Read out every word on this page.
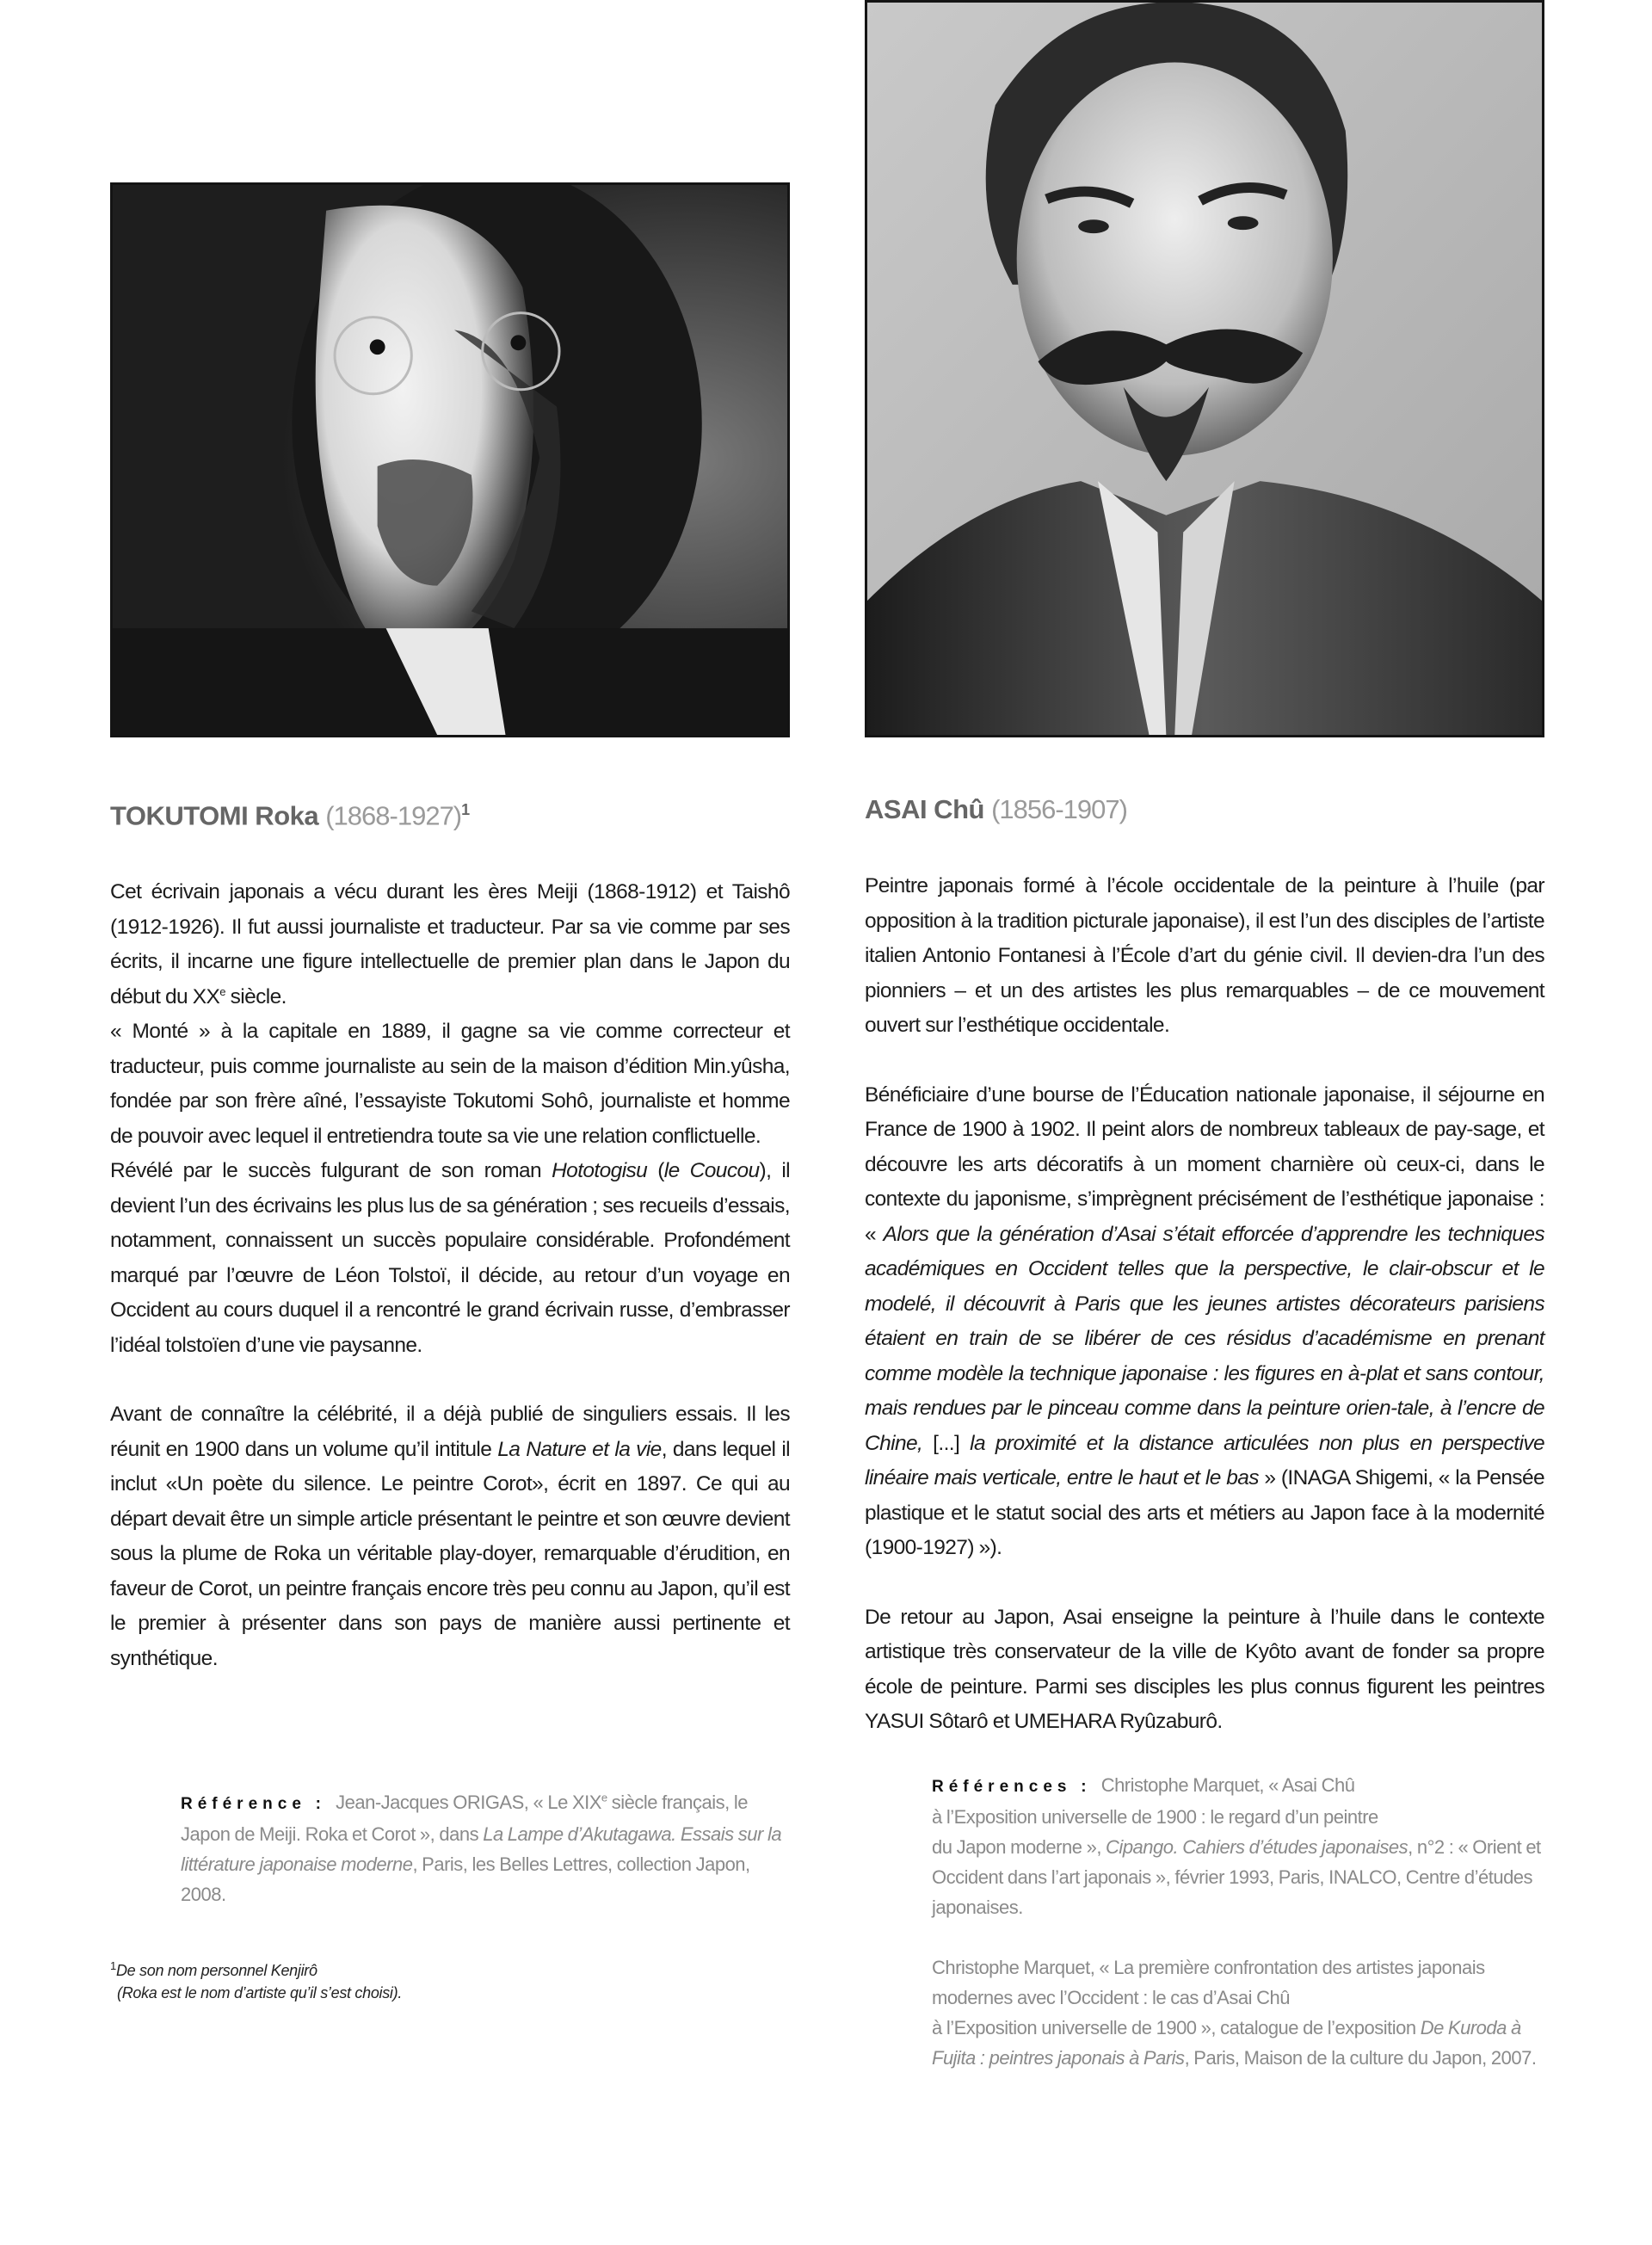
TOKUTOMI Roka (1868-1927)$^1$

Cet écrivain japonais a vécu durant les ères Meiji (1868-1912) et Taishô (1912-1926). Il fut aussi journaliste et traducteur. Par sa vie comme par ses écrits, il incarne une figure intellectuelle de premier plan dans le Japon du début du XXe siècle.

« Monté » à la capitale en 1889, il gagne sa vie comme correcteur et traducteur, puis comme journaliste au sein de la maison d’édition Min.yûsha, fondée par son frère aîné, l’essayiste Tokutomi Sohô, journaliste et homme de pouvoir avec lequel il entretiendra toute sa vie une relation conflictuelle.

Révélé par le succès fulgurant de son roman Hototogisu (le Coucou), il devient l’un des écrivains les plus lus de sa génération ; ses recueils d’essais, notamment, connaissent un succès populaire considérable. Profondément marqué par l’œuvre de Léon Tolstoï, il décide, au retour d’un voyage en Occident au cours duquel il a rencontré le grand écrivain russe, d’embrasser l’idéal tolstoïen d’une vie paysanne.

Avant de connaître la célébrité, il a déjà publié de singuliers essais. Il les réunit en 1900 dans un volume qu’il intitule La Nature et la vie, dans lequel il inclut «Un poète du silence. Le peintre Corot», écrit en 1897. Ce qui au départ devait être un simple article présentant le peintre et son œuvre devient sous la plume de Roka un véritable play-doyer, remarquable d’érudition, en faveur de Corot, un peintre français encore très peu connu au Japon, qu’il est le premier à présenter dans son pays de manière aussi pertinente et synthétique.

ASAI Chû (1856-1907)

Peintre japonais formé à l’école occidentale de la peinture à l’huile (par opposition à la tradition picturale japonaise), il est l’un des disciples de l’artiste italien Antonio Fontanesi à l’École d’art du génie civil. Il devien-dra l’un des pionniers – et un des artistes les plus remarquables – de ce mouvement ouvert sur l’esthétique occidentale.

Bénéficiaire d’une bourse de l’Éducation nationale japonaise, il séjourne en France de 1900 à 1902. Il peint alors de nombreux tableaux de pay-sage, et découvre les arts décoratifs à un moment charnière où ceux-ci, dans le contexte du japonisme, s’imprègnent précisément de l’esthétique japonaise : « Alors que la génération d’Asai s’était efforcée d’apprendre les techniques académiques en Occident telles que la perspective, le clair-obscur et le modelé, il découvrit à Paris que les jeunes artistes décorateurs parisiens étaient en train de se libérer de ces résidus d’académisme en prenant comme modèle la technique japonaise : les figures en à-plat et sans contour, mais rendues par le pinceau comme dans la peinture orien-tale, à l’encre de Chine, [...] la proximité et la distance articulées non plus en perspective linéaire mais verticale, entre le haut et le bas » (INAGA Shigemi, « la Pensée plastique et le statut social des arts et métiers au Japon face à la modernité (1900-1927) »).

De retour au Japon, Asai enseigne la peinture à l’huile dans le contexte artistique très conservateur de la ville de Kyôto avant de fonder sa propre école de peinture. Parmi ses disciples les plus connus figurent les peintres YASUI Sôtarô et UMEHARA Ryûzaburô.

Référence : Jean-Jacques ORIGAS, « Le XIXe siècle français, le Japon de Meiji. Roka et Corot », dans La Lampe d’Akutagawa. Essais sur la littérature japonaise moderne, Paris, les Belles Lettres, collection Japon, 2008.

Références : Christophe Marquet, « Asai Chû
à l’Exposition universelle de 1900 : le regard d’un peintre
du Japon moderne », Cipango. Cahiers d’études japonaises, n°2 : « Orient et Occident dans l’art japonais », février 1993, Paris, INALCO, Centre d’études japonaises.

Christophe Marquet, « La première confrontation des artistes japonais modernes avec l’Occident : le cas d’Asai Chû
à l’Exposition universelle de 1900 », catalogue de l’exposition De Kuroda à Fujita : peintres japonais à Paris, Paris, Maison de la culture du Japon, 2007.

$^1$De son nom personnel Kenjirô
(Roka est le nom d’artiste qu’il s’est choisi).
